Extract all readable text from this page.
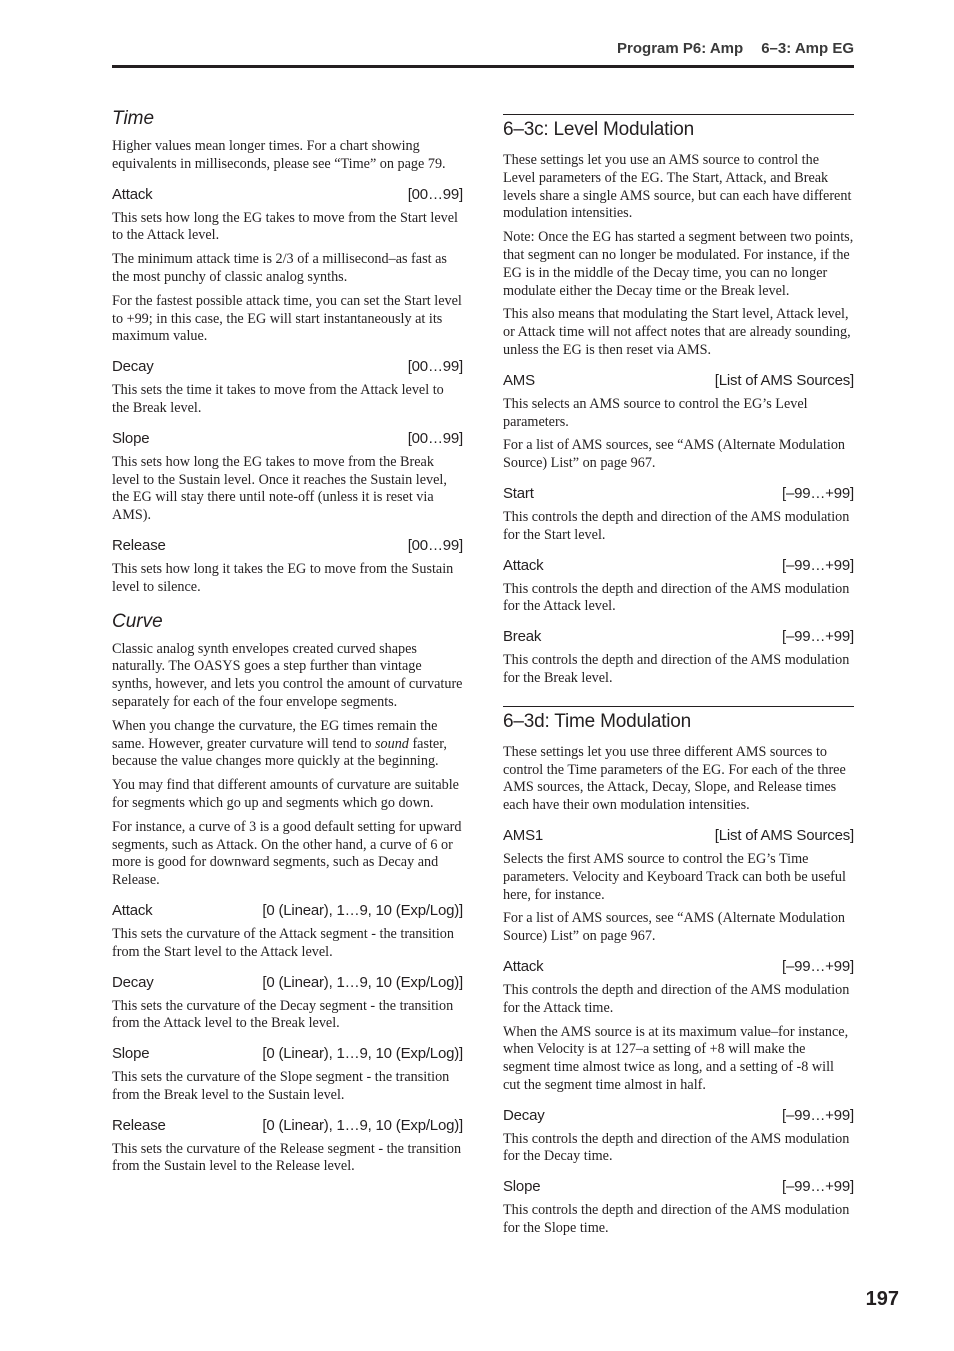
Program P6: Amp 6–3: Amp EG
Time

Higher values mean longer times. For a chart showing equivalents in milliseconds, please see “Time” on page 79.

Attack	[00…99]

This sets how long the EG takes to move from the Start level to the Attack level.

The minimum attack time is 2/3 of a millisecond–as fast as the most punchy of classic analog synths.

For the fastest possible attack time, you can set the Start level to +99; in this case, the EG will start instantaneously at its maximum value.

Decay	[00…99]

This sets the time it takes to move from the Attack level to the Break level.

Slope	[00…99]

This sets how long the EG takes to move from the Break level to the Sustain level. Once it reaches the Sustain level, the EG will stay there until note-off (unless it is reset via AMS).

Release	[00…99]

This sets how long it takes the EG to move from the Sustain level to silence.

Curve

Classic analog synth envelopes created curved shapes naturally. The OASYS goes a step further than vintage synths, however, and lets you control the amount of curvature separately for each of the four envelope segments.

When you change the curvature, the EG times remain the same. However, greater curvature will tend to sound faster, because the value changes more quickly at the beginning.

You may find that different amounts of curvature are suitable for segments which go up and segments which go down.

For instance, a curve of 3 is a good default setting for upward segments, such as Attack. On the other hand, a curve of 6 or more is good for downward segments, such as Decay and Release.

Attack	[0 (Linear), 1…9, 10 (Exp/Log)]

This sets the curvature of the Attack segment - the transition from the Start level to the Attack level.

Decay	[0 (Linear), 1…9, 10 (Exp/Log)]

This sets the curvature of the Decay segment - the transition from the Attack level to the Break level.

Slope	[0 (Linear), 1…9, 10 (Exp/Log)]

This sets the curvature of the Slope segment - the transition from the Break level to the Sustain level.

Release	[0 (Linear), 1…9, 10 (Exp/Log)]

This sets the curvature of the Release segment - the transition from the Sustain level to the Release level.

6–3c: Level Modulation

These settings let you use an AMS source to control the Level parameters of the EG. The Start, Attack, and Break levels share a single AMS source, but can each have different modulation intensities.

Note: Once the EG has started a segment between two points, that segment can no longer be modulated. For instance, if the EG is in the middle of the Decay time, you can no longer modulate either the Decay time or the Break level.

This also means that modulating the Start level, Attack level, or Attack time will not affect notes that are already sounding, unless the EG is then reset via AMS.

AMS	[List of AMS Sources]

This selects an AMS source to control the EG’s Level parameters.

For a list of AMS sources, see “AMS (Alternate Modulation Source) List” on page 967.

Start	[–99…+99]

This controls the depth and direction of the AMS modulation for the Start level.

Attack	[–99…+99]

This controls the depth and direction of the AMS modulation for the Attack level.

Break	[–99…+99]

This controls the depth and direction of the AMS modulation for the Break level.

6–3d: Time Modulation

These settings let you use three different AMS sources to control the Time parameters of the EG. For each of the three AMS sources, the Attack, Decay, Slope, and Release times each have their own modulation intensities.

AMS1	[List of AMS Sources]

Selects the first AMS source to control the EG’s Time parameters. Velocity and Keyboard Track can both be useful here, for instance.

For a list of AMS sources, see “AMS (Alternate Modulation Source) List” on page 967.

Attack	[–99…+99]

This controls the depth and direction of the AMS modulation for the Attack time.

When the AMS source is at its maximum value–for instance, when Velocity is at 127–a setting of +8 will make the segment time almost twice as long, and a setting of -8 will cut the segment time almost in half.

Decay	[–99…+99]

This controls the depth and direction of the AMS modulation for the Decay time.

Slope	[–99…+99]

This controls the depth and direction of the AMS modulation for the Slope time.

197
